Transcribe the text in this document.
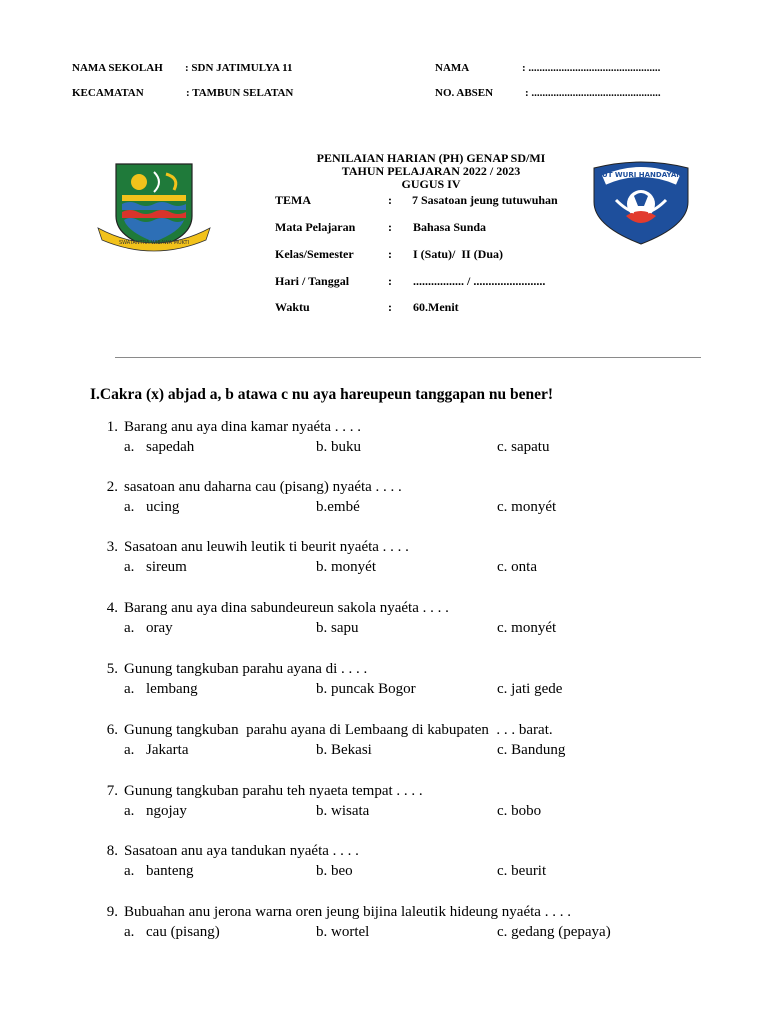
NAMA SEKOLAH : SDN JATIMULYA 11
KECAMATAN	: TAMBUN SELATAN
NAMA	: ................................................
NO. ABSEN	: ...............................................
SWATANTRA WIBAWA MUKTI
TUT WURI HANDAYANI
PENILAIAN HARIAN (PH) GENAP SD/MI
TAHUN PELAJARAN 2022 / 2023
GUGUS IV
TEMA	: 7 Sasatoan jeung tutuwuhan
Mata Pelajaran	: Bahasa Sunda
Kelas/Semester	: I (Satu)/  II (Dua)
Hari / Tanggal	: ................. / ........................
Waktu	: 60.Menit
I.Cakra (x) abjad a, b atawa c nu aya hareupeun tanggapan nu bener!
1. Barang anu aya dina kamar nyaéta . . . .
a. sapedah	b. buku	c. sapatu
2. sasatoan anu daharna cau (pisang) nyaéta . . . .
a. ucing	b.embé	c. monyét
3. Sasatoan anu leuwih leutik ti beurit nyaéta . . . .
a. sireum	b. monyét	c. onta
4. Barang anu aya dina sabundeureun sakola nyaéta . . . .
a. oray	b. sapu	c. monyét
5. Gunung tangkuban parahu ayana di . . . .
a. lembang	b. puncak Bogor	c. jati gede
6. Gunung tangkuban  parahu ayana di Lembaang di kabupaten  . . . barat.
a. Jakarta	b. Bekasi	c. Bandung
7. Gunung tangkuban parahu teh nyaeta tempat . . . .
a. ngojay	b. wisata	c. bobo
8. Sasatoan anu aya tandukan nyaéta . . . .
a. banteng	b. beo	c. beurit
9. Bubuahan anu jerona warna oren jeung bijina laleutik hideung nyaéta . . . .
a. cau (pisang)	b. wortel	c. gedang (pepaya)
